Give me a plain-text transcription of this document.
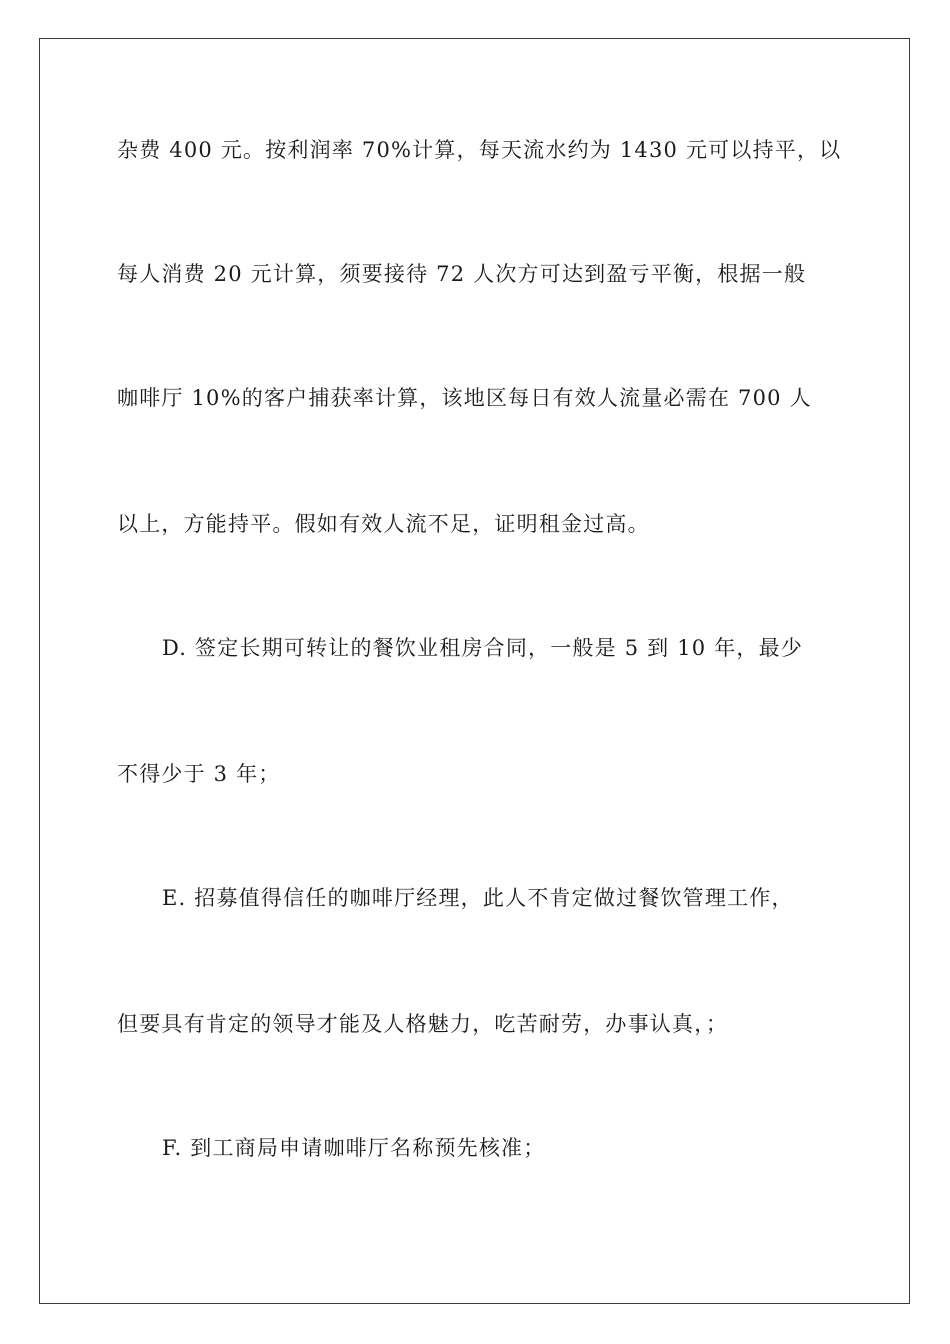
杂费 400 元。按利润率 70%计算，每天流水约为 1430 元可以持平，以
每人消费 20 元计算，须要接待 72 人次方可达到盈亏平衡，根据一般
咖啡厅 10%的客户捕获率计算，该地区每日有效人流量必需在 700 人
以上，方能持平。假如有效人流不足，证明租金过高。
D. 签定长期可转让的餐饮业租房合同，一般是 5 到 10 年，最少
不得少于 3 年；
E. 招募值得信任的咖啡厅经理，此人不肯定做过餐饮管理工作，
但要具有肯定的领导才能及人格魅力，吃苦耐劳，办事认真，；
F. 到工商局申请咖啡厅名称预先核准；
